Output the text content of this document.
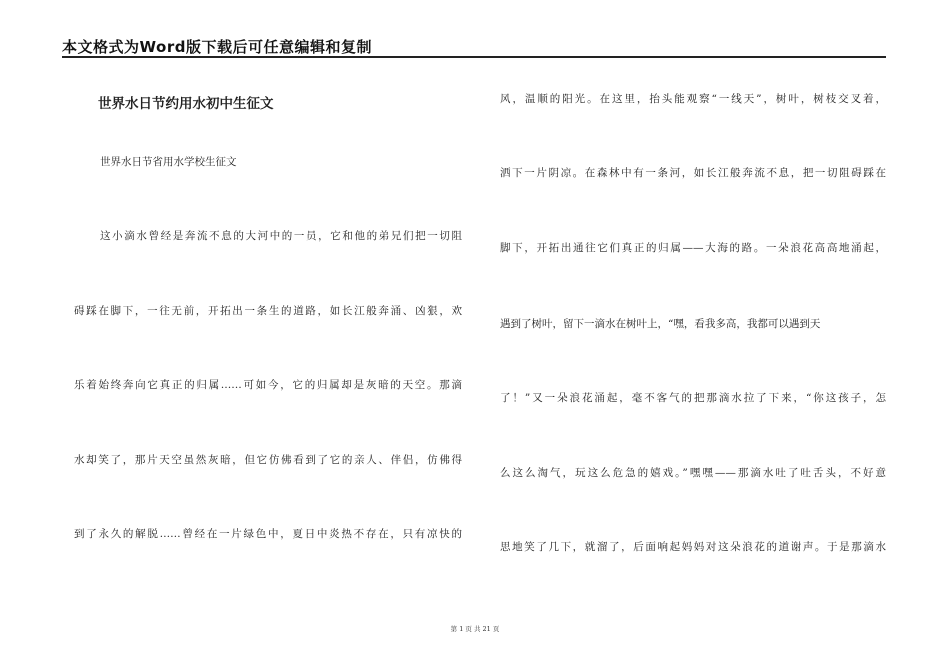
本文格式为Word版下载后可任意编辑和复制
世界水日节约用水初中生征文
世界水日节省用水学校生征文
这小滴水曾经是奔流不息的大河中的一员，它和他的弟兄们把一切阻
碍踩在脚下，一往无前，开拓出一条生的道路，如长江般奔涌、凶狠，欢
乐着始终奔向它真正的归属……可如今，它的归属却是灰暗的天空。那滴
水却笑了，那片天空虽然灰暗，但它仿佛看到了它的亲人、伴侣，仿佛得
到了永久的解脱……曾经在一片绿色中，夏日中炎热不存在，只有凉快的
风，温顺的阳光。在这里，抬头能观察“一线天”，树叶，树枝交叉着，
洒下一片阴凉。在森林中有一条河，如长江般奔流不息，把一切阻碍踩在
脚下，开拓出通往它们真正的归属——大海的路。一朵浪花高高地涌起，
遇到了树叶，留下一滴水在树叶上，“嘿，看我多高，我都可以遇到天
了！”又一朵浪花涌起，毫不客气的把那滴水拉了下来，“你这孩子，怎
么这么淘气，玩这么危急的嬉戏。”嘿嘿——那滴水吐了吐舌头，不好意
思地笑了几下，就溜了，后面响起妈妈对这朵浪花的道谢声。于是那滴水
第 1 页 共 21 页
